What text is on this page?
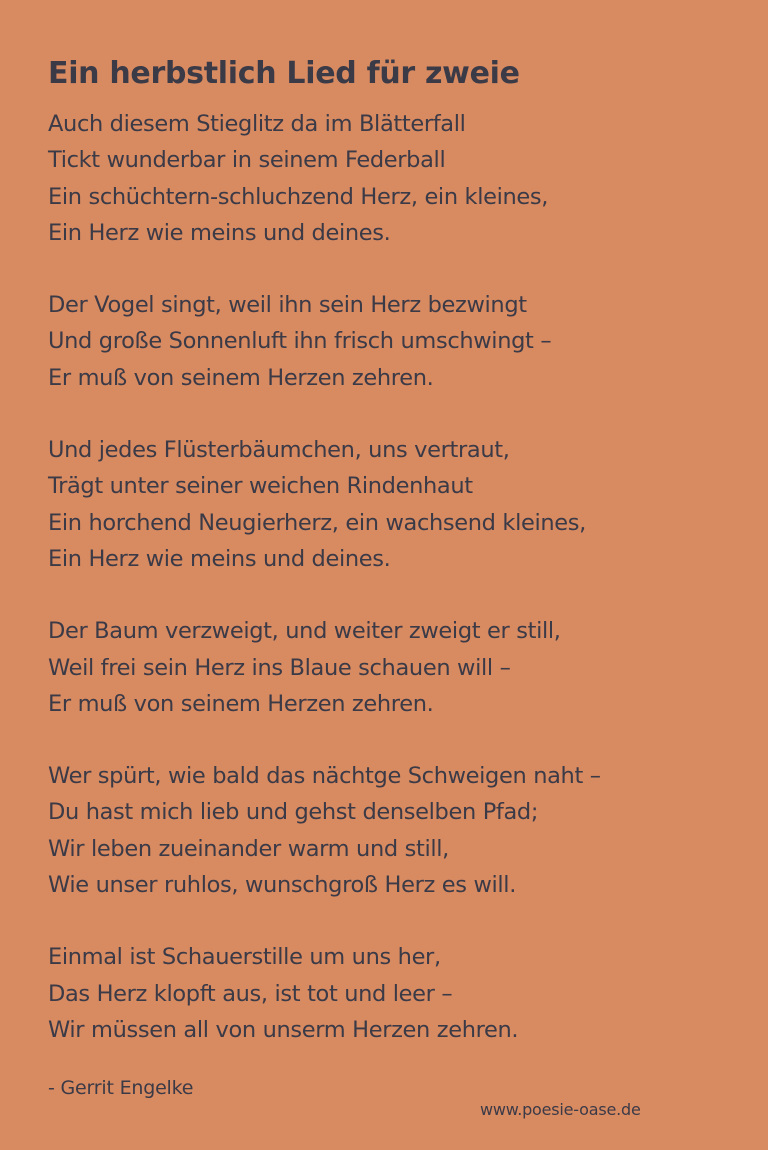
Ein herbstlich Lied für zweie
Auch diesem Stieglitz da im Blätterfall
Tickt wunderbar in seinem Federball
Ein schüchtern-schluchzend Herz, ein kleines,
Ein Herz wie meins und deines.
Der Vogel singt, weil ihn sein Herz bezwingt
Und große Sonnenluft ihn frisch umschwingt –
Er muß von seinem Herzen zehren.
Und jedes Flüsterbäumchen, uns vertraut,
Trägt unter seiner weichen Rindenhaut
Ein horchend Neugierherz, ein wachsend kleines,
Ein Herz wie meins und deines.
Der Baum verzweigt, und weiter zweigt er still,
Weil frei sein Herz ins Blaue schauen will –
Er muß von seinem Herzen zehren.
Wer spürt, wie bald das nächtge Schweigen naht –
Du hast mich lieb und gehst denselben Pfad;
Wir leben zueinander warm und still,
Wie unser ruhlos, wunschgroß Herz es will.
Einmal ist Schauerstille um uns her,
Das Herz klopft aus, ist tot und leer –
Wir müssen all von unserm Herzen zehren.
- Gerrit Engelke
www.poesie-oase.de
